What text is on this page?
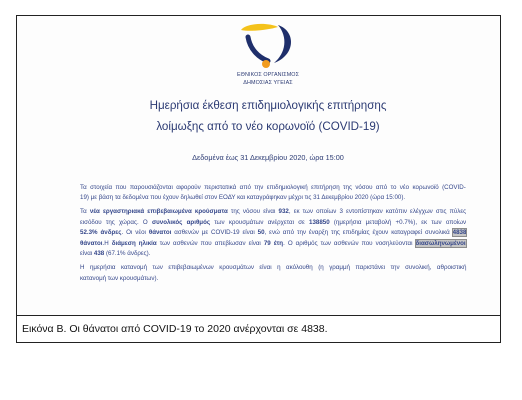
ΕΘΝΙΚΟΣ ΟΡΓΑΝΙΣΜΟΣ
ΔΗΜΟΣΙΑΣ ΥΓΕΙΑΣ
Ημερήσια έκθεση επιδημιολογικής επιτήρησης
λοίμωξης από το νέο κορωνοϊό (COVID-19)
Δεδομένα έως 31 Δεκεμβρίου 2020, ώρα 15:00
Τα στοιχεία που παρουσιάζονται αφορούν περιστατικά από την επιδημιολογική επιτήρηση της νόσου από το νέο κορωνοϊό (COVID-
19) με βάση τα δεδομένα που έχουν δηλωθεί στον ΕΟΔΥ και καταγράφηκαν μέχρι τις 31 Δεκεμβρίου 2020 (ώρα 15:00).
Τα νέα εργαστηριακά επιβεβαιωμένα κρούσματα της νόσου είναι 932, εκ των οποίων 3 εντοπίστηκαν κατόπιν ελέγχων στις πύλες
εισόδου της χώρας. Ο συνολικός αριθμός των κρουσμάτων ανέρχεται σε 138850 (ημερήσια μεταβολή +0.7%), εκ των οποίων
52.3% άνδρες. Οι νέοι θάνατοι ασθενών με COVID-19 είναι 50, ενώ από την έναρξη της επιδημίας έχουν καταγραφεί συνολικά 4838
θάνατοι.Η διάμεση ηλικία των ασθενών που απεβίωσαν είναι 79 έτη. Ο αριθμός των ασθενών που νοσηλεύονται διασωληνωμένοι
είναι 438 (67.1% άνδρες).
Η ημερήσια κατανομή των επιβεβαιωμένων κρουσμάτων είναι η ακόλουθη (η γραμμή παριστάνει την συνολική, αθροιστική
κατανομή των κρουσμάτων).
Εικόνα Β. Οι θάνατοι από COVID-19 το 2020 ανέρχονται σε 4838.
